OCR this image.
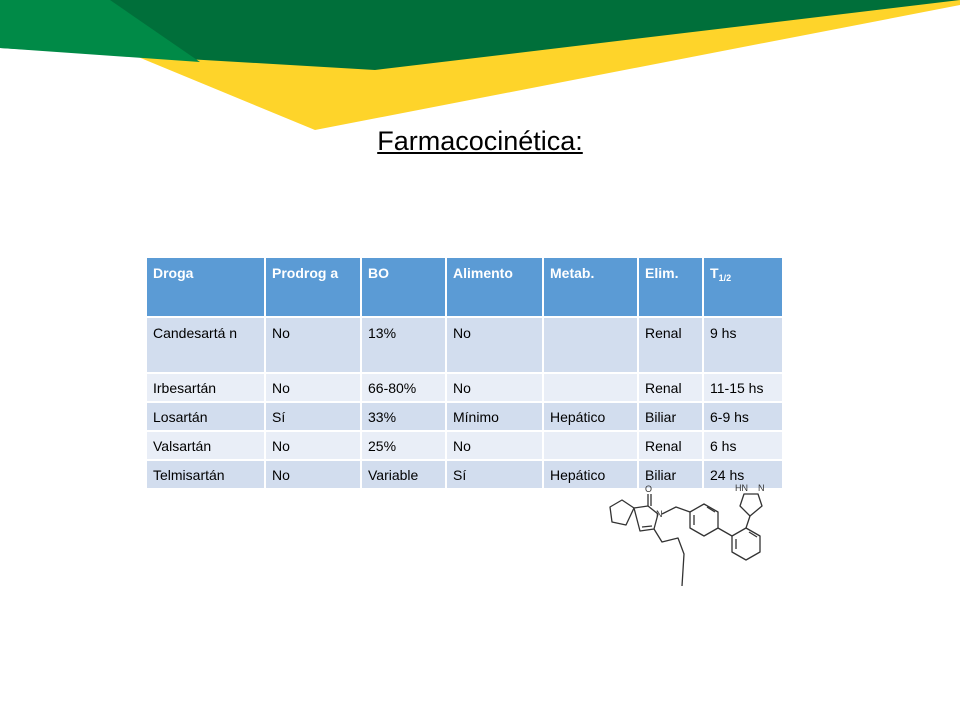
Farmacocinética:
Droga	Prodrog a	BO	Alimento	Metab.	Elim.	$T_{1/2}$
Candesartá n	No	13%	No		Renal	9 hs
Irbesartán	No	66-80%	No		Renal	11-15 hs
Losartán	Sí	33%	Mínimo	Hepático	Biliar	6-9 hs
Valsartán	No	25%	No		Renal	6 hs
Telmisartán	No	Variable	Sí	Hepático	Biliar	24 hs
O
N
HN N
